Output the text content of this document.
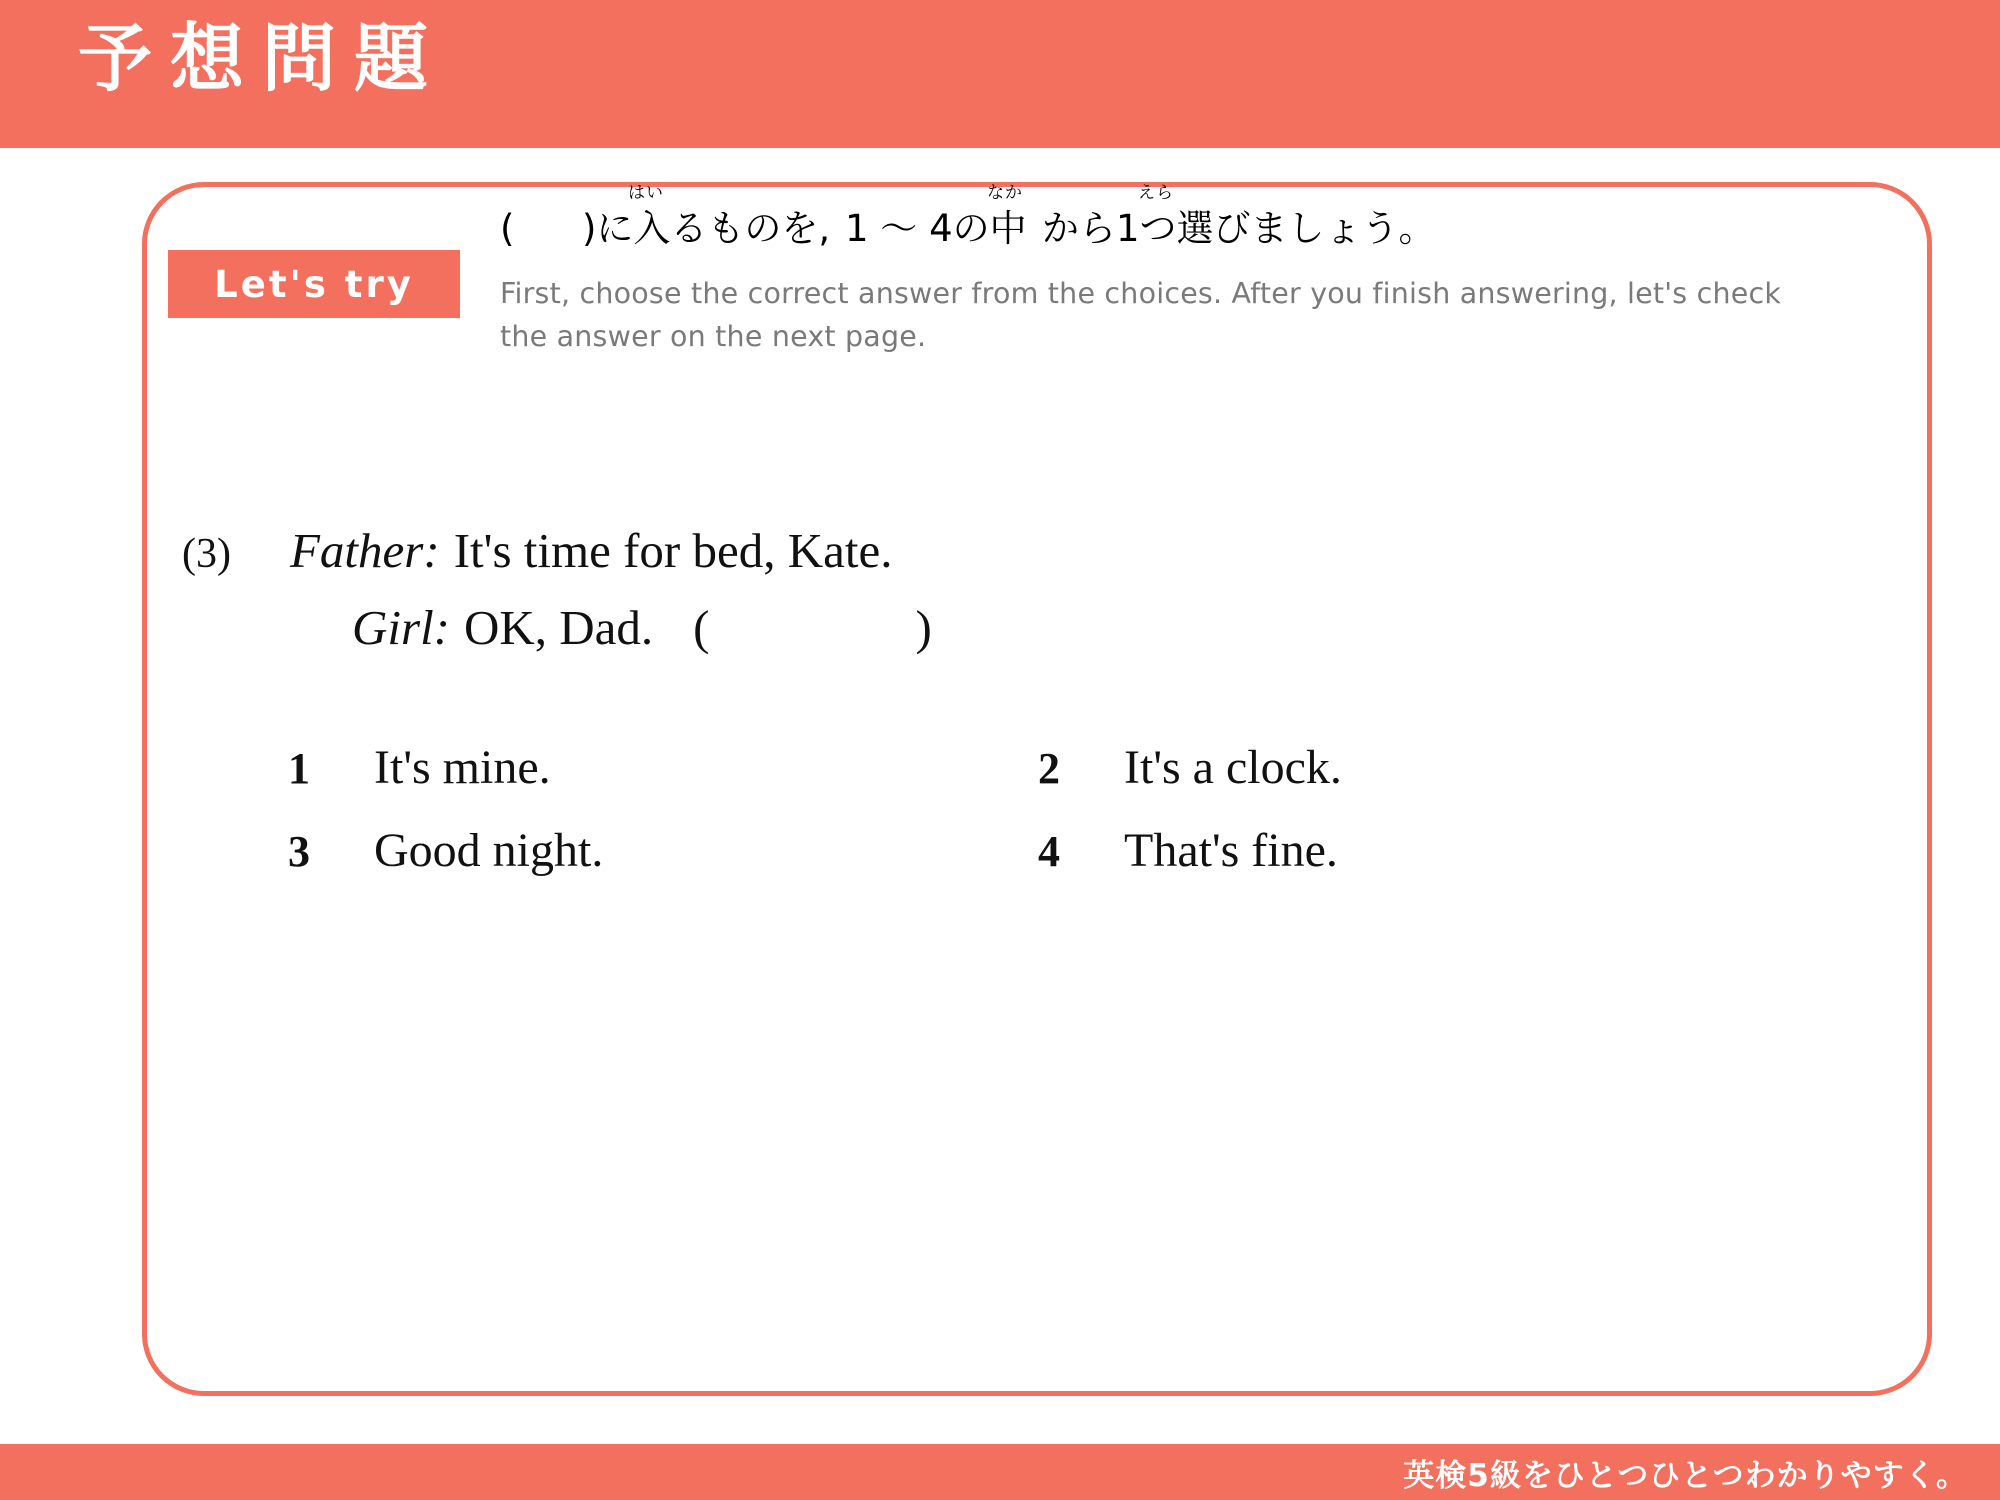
予想問題
Let's try
(
はい
)に入るものを,
なか
1 ～ 4の中
えら
から1つ選びましょう。
First, choose the correct answer from the choices. After you finish answering, let's check the answer on the next page.
(3)	Father: It's time for bed, Kate.
Girl: OK, Dad. (　　　　)
1	It's mine.	2	It's a clock.
3	Good night.	4	That's fine.
英検5級をひとつひとつわかりやすく。
